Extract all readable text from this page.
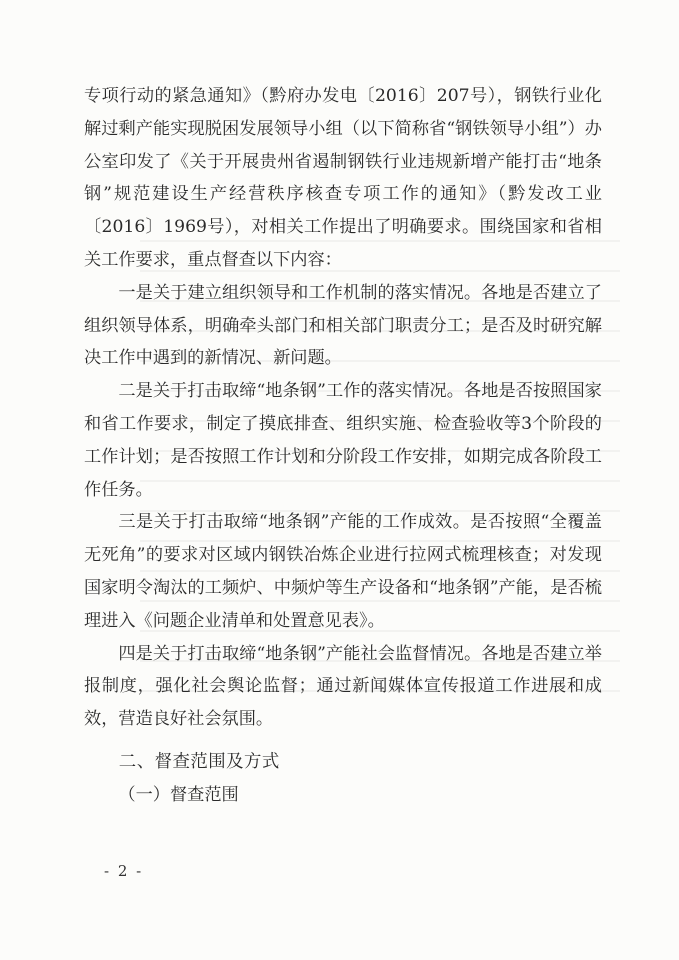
专项行动的紧急通知》（黔府办发电〔2016〕207号），钢铁行业化解过剩产能实现脱困发展领导小组（以下简称省“钢铁领导小组”）办公室印发了《关于开展贵州省遏制钢铁行业违规新增产能打击“地条钢”规范建设生产经营秩序核查专项工作的通知》（黔发改工业〔2016〕1969号），对相关工作提出了明确要求。围绕国家和省相关工作要求，重点督查以下内容：

一是关于建立组织领导和工作机制的落实情况。各地是否建立了组织领导体系，明确牵头部门和相关部门职责分工；是否及时研究解决工作中遇到的新情况、新问题。

二是关于打击取缔“地条钢”工作的落实情况。各地是否按照国家和省工作要求，制定了摸底排查、组织实施、检查验收等3个阶段的工作计划；是否按照工作计划和分阶段工作安排，如期完成各阶段工作任务。

三是关于打击取缔“地条钢”产能的工作成效。是否按照“全覆盖无死角”的要求对区域内钢铁冶炼企业进行拉网式梳理核查；对发现国家明令淘汰的工频炉、中频炉等生产设备和“地条钢”产能，是否梳理进入《问题企业清单和处置意见表》。

四是关于打击取缔“地条钢”产能社会监督情况。各地是否建立举报制度，强化社会舆论监督；通过新闻媒体宣传报道工作进展和成效，营造良好社会氛围。

二、督查范围及方式

（一）督查范围

- 2 -
